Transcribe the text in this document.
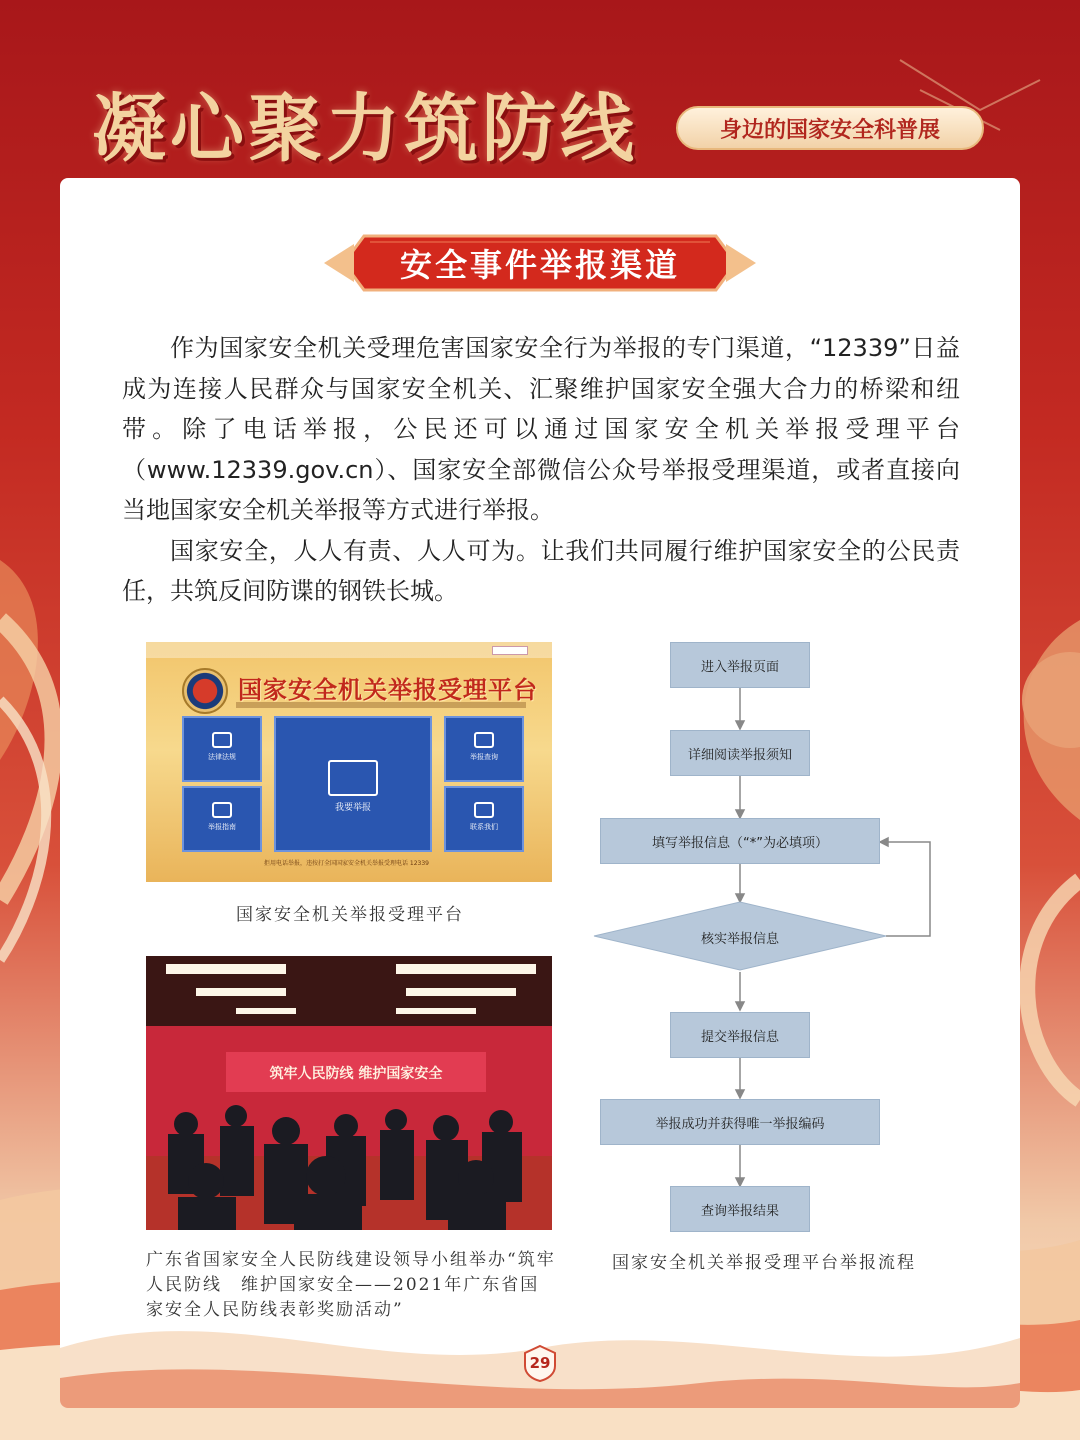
凝心聚力筑防线	身边的国家安全科普展
安全事件举报渠道

作为国家安全机关受理危害国家安全行为举报的专门渠道，“12339”日益成为连接人民群众与国家安全机关、汇聚维护国家安全强大合力的桥梁和纽带。除了电话举报，公民还可以通过国家安全机关举报受理平台（www.12339.gov.cn）、国家安全部微信公众号举报受理渠道，或者直接向当地国家安全机关举报等方式进行举报。

国家安全，人人有责、人人可为。让我们共同履行维护国家安全的公民责任，共筑反间防谍的钢铁长城。

国家安全机关举报受理平台
法律法规
举报指南
我要举报
举报查询
联系我们
拒用电话举报，违按打全国国家安全机关举报受理电话 12339
国家安全机关举报受理平台
筑牢人民防线 维护国家安全
广东省国家安全人民防线建设领导小组举办“筑牢人民防线　维护国家安全——2021年广东省国家安全人民防线表彰奖励活动”
进入举报页面
详细阅读举报须知
填写举报信息（“*”为必填项）
核实举报信息
提交举报信息
举报成功并获得唯一举报编码
查询举报结果
国家安全机关举报受理平台举报流程
29
